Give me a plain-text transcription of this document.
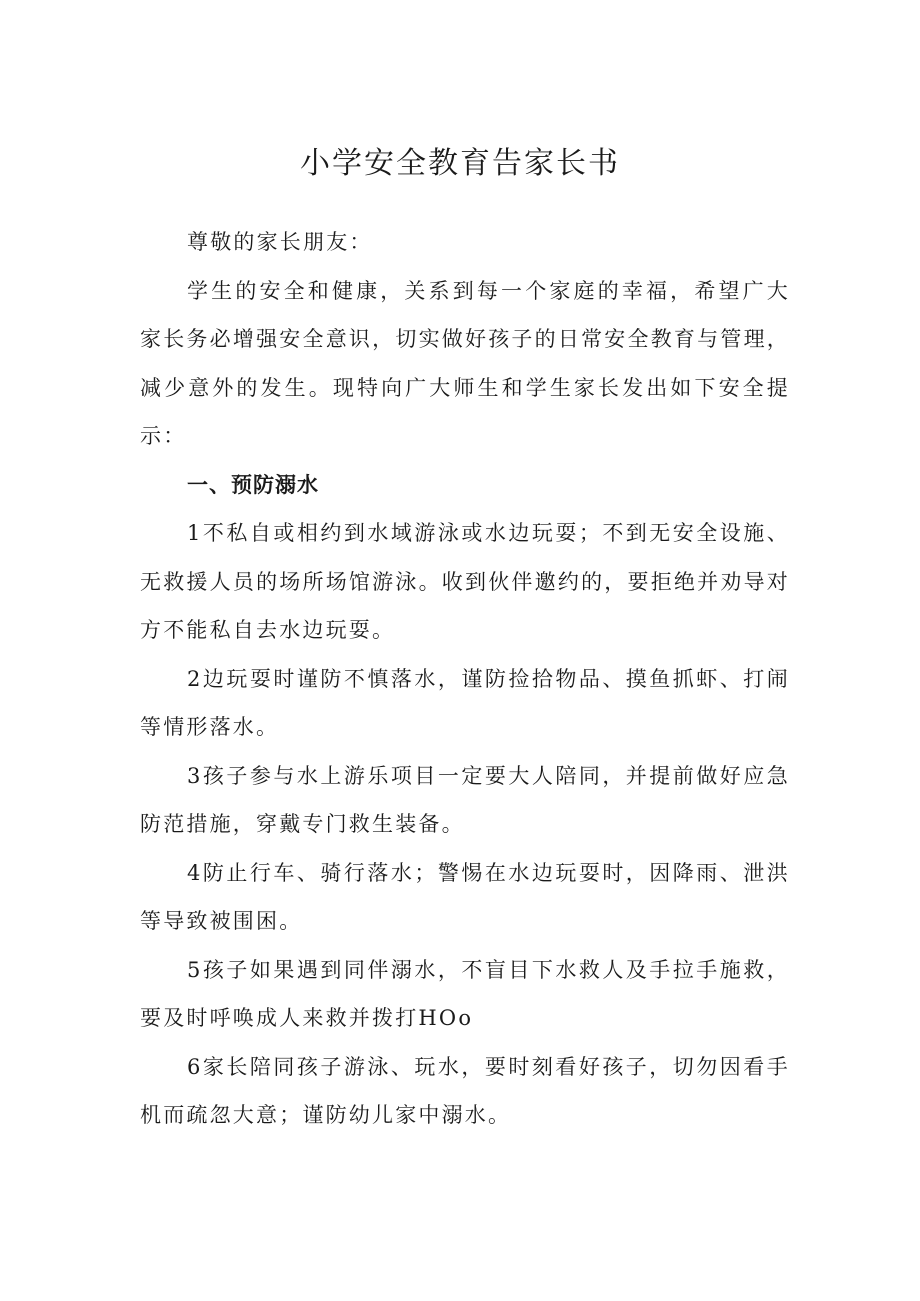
小学安全教育告家长书

尊敬的家长朋友：

学生的安全和健康，关系到每一个家庭的幸福，希望广大家长务必增强安全意识，切实做好孩子的日常安全教育与管理，减少意外的发生。现特向广大师生和学生家长发出如下安全提示：

一、预防溺水

1不私自或相约到水域游泳或水边玩耍；不到无安全设施、无救援人员的场所场馆游泳。收到伙伴邀约的，要拒绝并劝导对方不能私自去水边玩耍。

2边玩耍时谨防不慎落水，谨防捡拾物品、摸鱼抓虾、打闹等情形落水。

3孩子参与水上游乐项目一定要大人陪同，并提前做好应急防范措施，穿戴专门救生装备。

4防止行车、骑行落水；警惕在水边玩耍时，因降雨、泄洪等导致被围困。

5孩子如果遇到同伴溺水，不盲目下水救人及手拉手施救，要及时呼唤成人来救并拨打HOo

6家长陪同孩子游泳、玩水，要时刻看好孩子，切勿因看手机而疏忽大意；谨防幼儿家中溺水。
